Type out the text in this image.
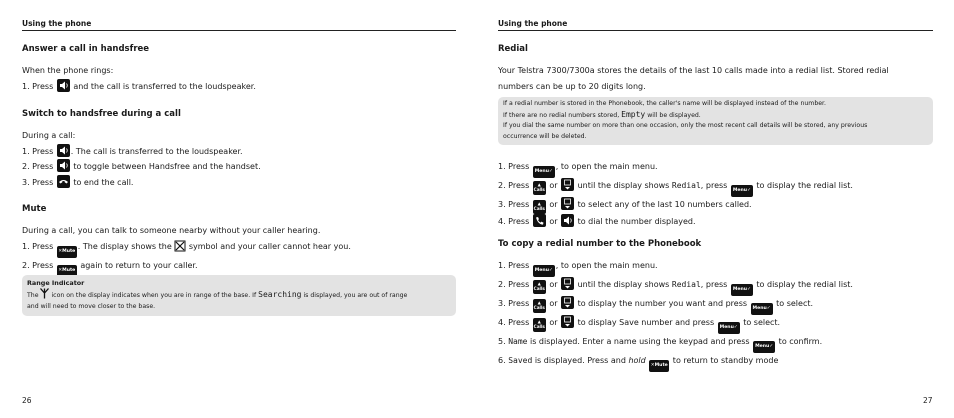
Using the phone
Answer a call in handsfree
When the phone rings:
1. Press  and the call is transferred to the loudspeaker.
Switch to handsfree during a call
During a call:
1. Press . The call is transferred to the loudspeaker.
2. Press  to toggle between Handsfree and the handset.
3. Press  to end the call.
Mute
During a call, you can talk to someone nearby without your caller hearing.
1. Press ✕Mute. The display shows the  symbol and your caller cannot hear you.
2. Press ✕Mute again to return to your caller.
Range Indicator
The  icon on the display indicates when you are in range of the base. If Searching is displayed, you are out of range
and will need to move closer to the base.
26
Using the phone
Redial
Your Telstra 7300/7300a stores the details of the last 10 calls made into a redial list. Stored redial
numbers can be up to 20 digits long.
If a redial number is stored in the Phonebook, the caller's name will be displayed instead of the number.
If there are no redial numbers stored, Empty will be displayed.
If you dial the same number on more than one occasion, only the most recent call details will be stored, any previous
occurrence will be deleted.
1. Press Menu✓, to open the main menu.
2. Press ▲
Calls or  until the display shows Redial, press Menu✓ to display the redial list.
3. Press ▲
Calls or  to select any of the last 10 numbers called.
4. Press  or  to dial the number displayed.
To copy a redial number to the Phonebook
1. Press Menu✓, to open the main menu.
2. Press ▲
Calls or  until the display shows Redial, press Menu✓ to display the redial list.
3. Press ▲
Calls or  to display the number you want and press Menu✓ to select.
4. Press ▲
Calls or  to display Save number and press Menu✓ to select.
5. Name is displayed. Enter a name using the keypad and press Menu✓ to confirm.
6. Saved is displayed. Press and hold ✕Mute to return to standby mode
27
